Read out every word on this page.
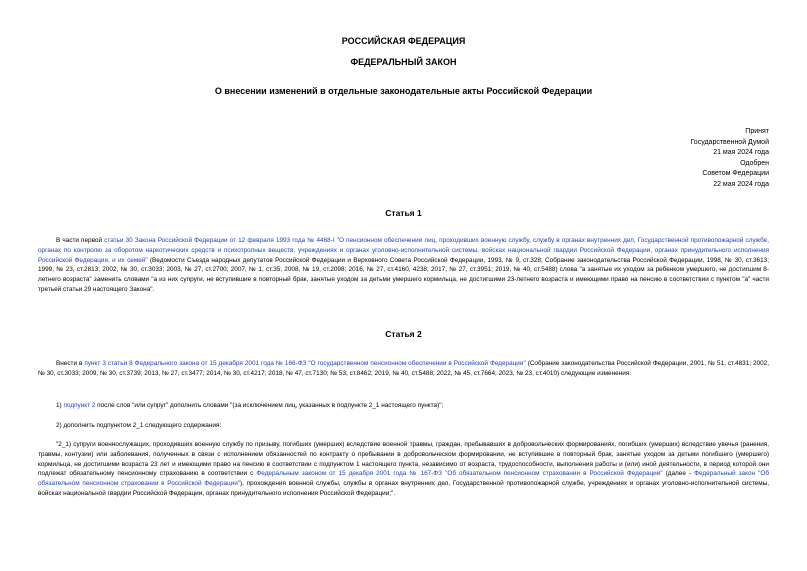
РОССИЙСКАЯ ФЕДЕРАЦИЯ
ФЕДЕРАЛЬНЫЙ ЗАКОН
О внесении изменений в отдельные законодательные акты Российской Федерации
Принят
Государственной Думой
21 мая 2024 года
Одобрен
Советом Федерации
22 мая 2024 года
Статья 1
В части первой статьи 30 Закона Российской Федерации от 12 февраля 1993 года № 4468-I "О пенсионном обеспечении лиц, проходивших военную службу, службу в органах внутренних дел, Государственной противопожарной службе, органах по контролю за оборотом наркотических средств и психотропных веществ, учреждениях и органах уголовно-исполнительной системы, войсках национальной гвардии Российской Федерации, органах принудительного исполнения Российской Федерации, и их семей" (Ведомости Съезда народных депутатов Российской Федерации и Верховного Совета Российской Федерации, 1993, № 9, ст.328; Собрание законодательства Российской Федерации, 1998, № 30, ст.3613; 1999, № 23, ст.2813; 2002, № 30, ст.3033; 2003, № 27, ст.2700; 2007, № 1, ст.35; 2008, № 19, ст.2098; 2016, № 27, ст.4160, 4238; 2017, № 27, ст.3951; 2019, № 40, ст.5488) слова "а занятые их уходом за ребенком умершего, не достигшим 8-летнего возраста" заменить словами "а из них супруги, не вступившие в повторный брак, занятые уходом за детьми умершего кормильца, не достигшими 23-летнего возраста и имеющими право на пенсию в соответствии с пунктом "а" части третьей статьи 29 настоящего Закона".
Статья 2
Внести в пункт 3 статьи 8 Федерального закона от 15 декабря 2001 года № 166-ФЗ "О государственном пенсионном обеспечении в Российской Федерации" (Собрание законодательства Российской Федерации, 2001, № 51, ст.4831; 2002, № 30, ст.3033; 2009, № 30, ст.3739; 2013, № 27, ст.3477; 2014, № 30, ст.4217; 2018, № 47, ст.7130; № 53, ст.8462; 2019, № 40, ст.5488; 2022, № 45, ст.7664; 2023, № 23, ст.4010) следующие изменения:
1) подпункт 2 после слов "или супруг" дополнить словами "(за исключением лиц, указанных в подпункте 2_1 настоящего пункта)";
2) дополнить подпунктом 2_1 следующего содержания:
"2_1) супруги военнослужащих, проходивших военную службу по призыву, погибших (умерших) вследствие военной травмы, граждан, пребывавших в добровольческих формированиях, погибших (умерших) вследствие увечья (ранения, травмы, контузии) или заболевания, полученных в связи с исполнением обязанностей по контракту о пребывании в добровольческом формировании, не вступившие в повторный брак, занятые уходом за детьми погибшего (умершего) кормильца, не достигшими возраста 23 лет и имеющими право на пенсию в соответствии с подпунктом 1 настоящего пункта, независимо от возраста, трудоспособности, выполнения работы и (или) иной деятельности, в период которой они подлежат обязательному пенсионному страхованию в соответствии с Федеральным законом от 15 декабря 2001 года № 167-ФЗ "Об обязательном пенсионном страховании в Российской Федерации" (далее - Федеральный закон "Об обязательном пенсионном страховании в Российской Федерации"), прохождения военной службы, службы в органах внутренних дел, Государственной противопожарной службе, учреждениях и органах уголовно-исполнительной системы, войсках национальной гвардии Российской Федерации, органах принудительного исполнения Российской Федерации;".
